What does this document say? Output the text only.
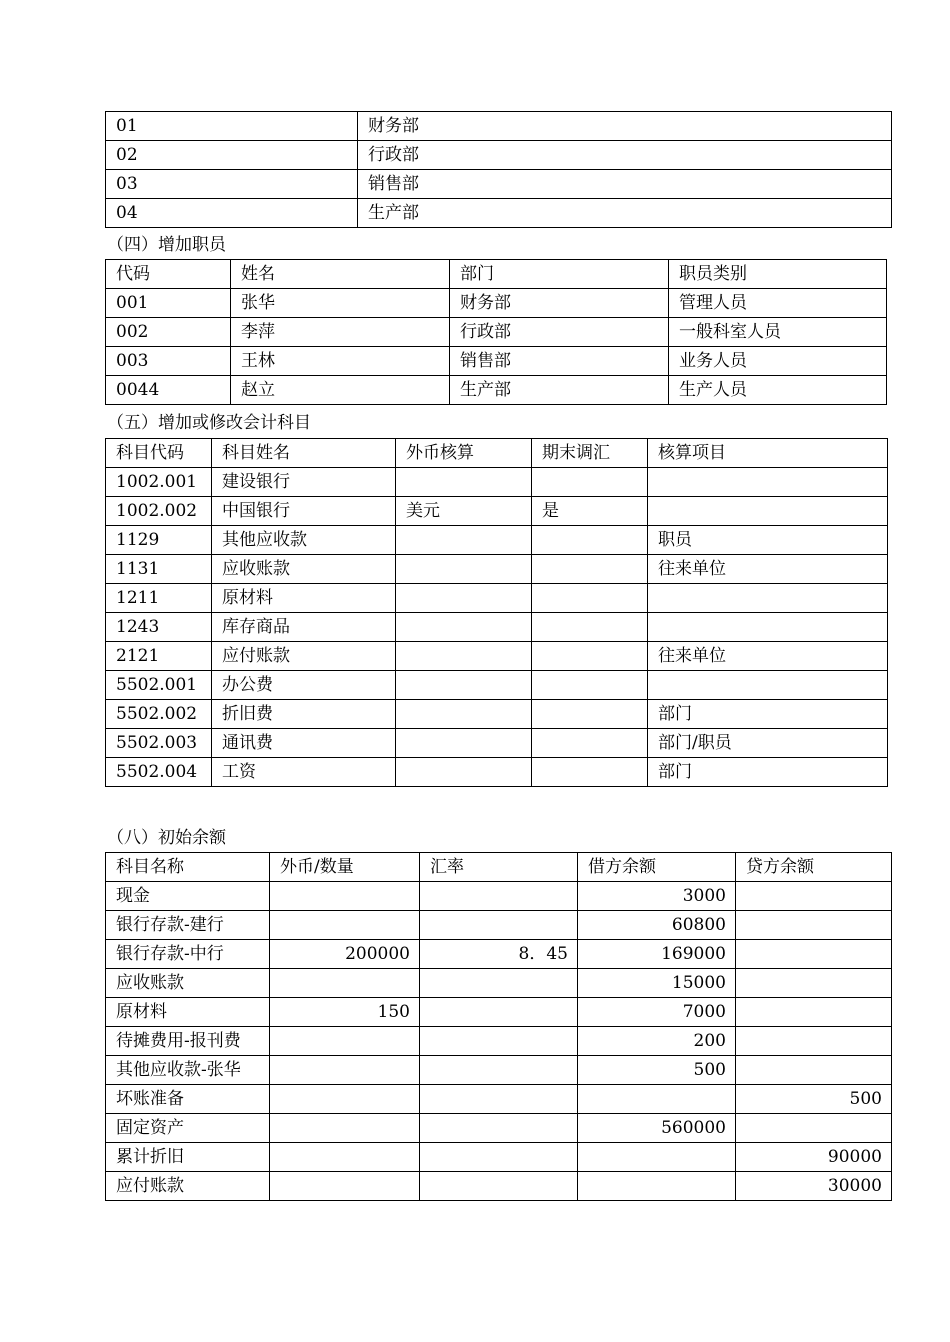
01	财务部
02	行政部
03	销售部
04	生产部
（四）增加职员
代码	姓名	部门	职员类别
001	张华	财务部	管理人员
002	李萍	行政部	一般科室人员
003	王林	销售部	业务人员
0044	赵立	生产部	生产人员
（五）增加或修改会计科目
科目代码	科目姓名	外币核算	期末调汇	核算项目
1002.001	建设银行			
1002.002	中国银行	美元	是	
1129	其他应收款			职员
1131	应收账款			往来单位
1211	原材料			
1243	库存商品			
2121	应付账款			往来单位
5502.001	办公费			
5502.002	折旧费			部门
5502.003	通讯费			部门/职员
5502.004	工资			部门
（八）初始余额
科目名称	外币/数量	汇率	借方余额	贷方余额
现金			3000	
银行存款-建行			60800	
银行存款-中行	200000	8．45	169000	
应收账款			15000	
原材料	150		7000	
待摊费用-报刊费			200	
其他应收款-张华			500	
坏账准备				500
固定资产			560000	
累计折旧				90000
应付账款				30000
